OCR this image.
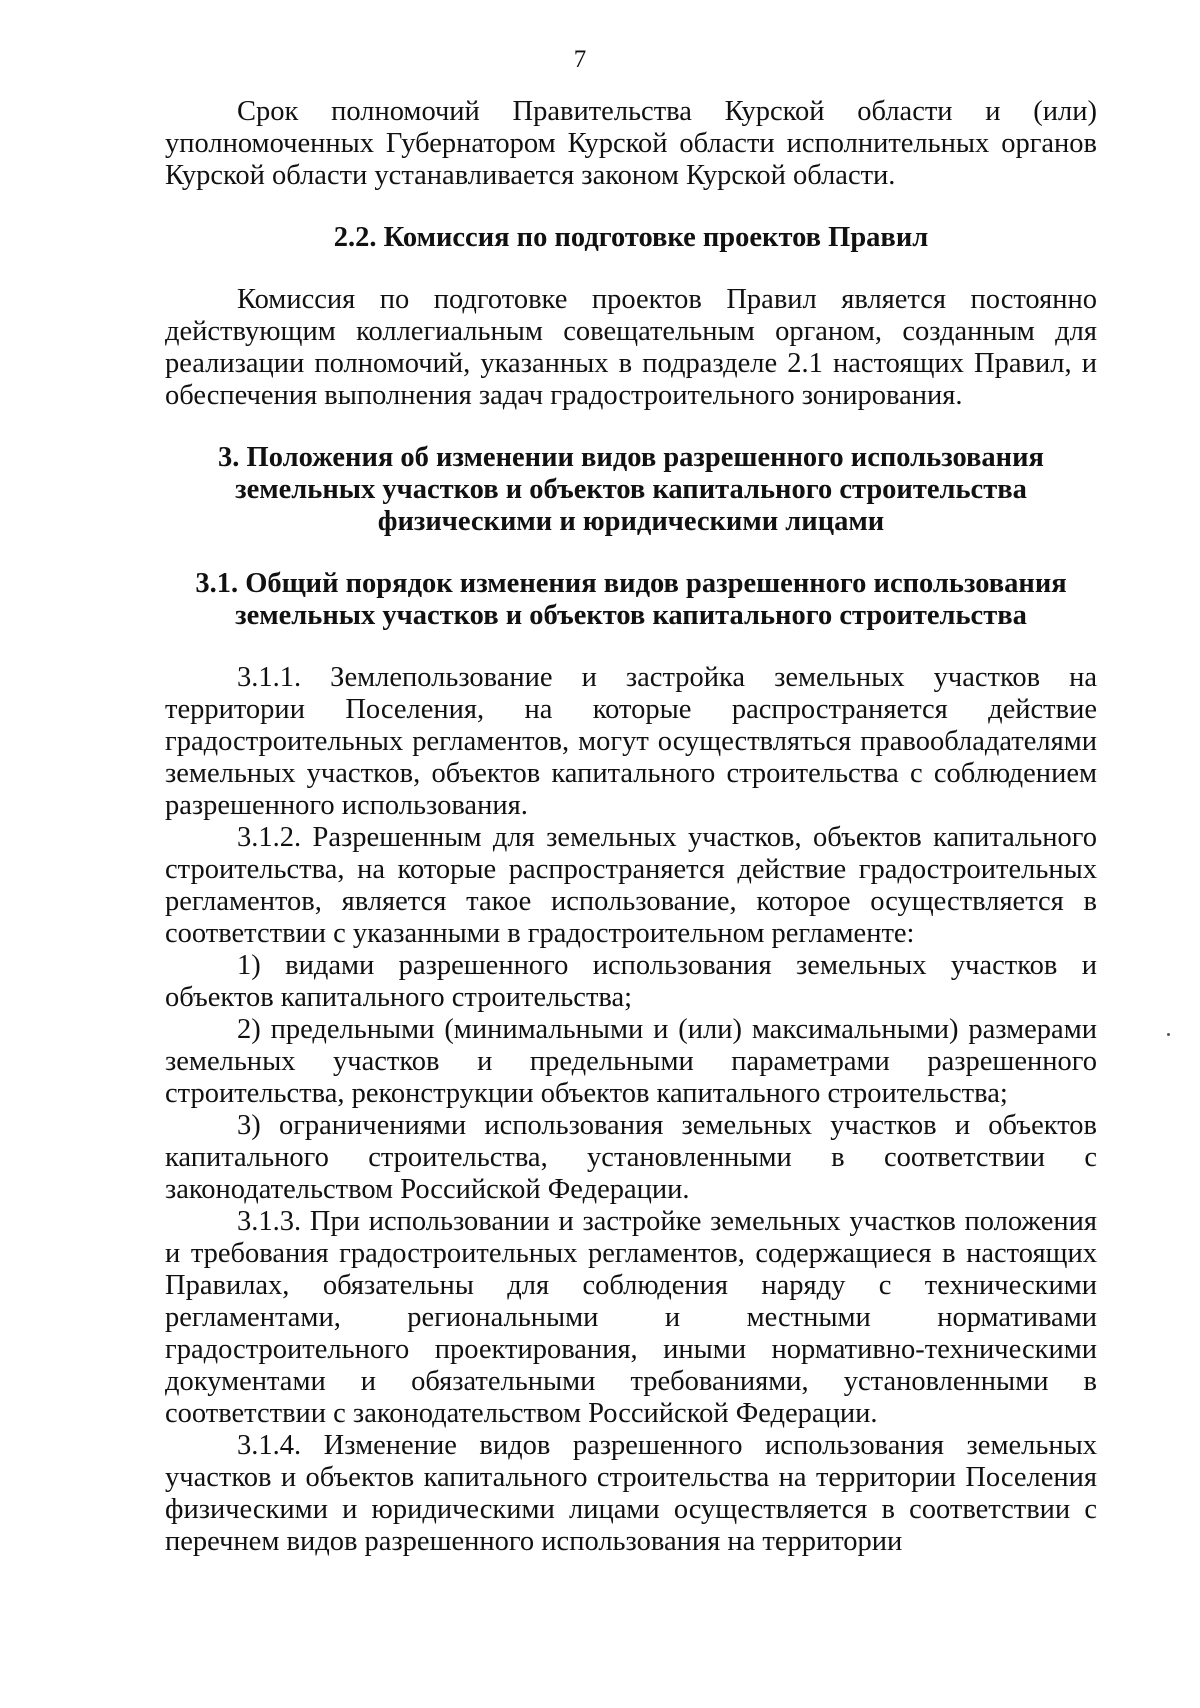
7

Срок полномочий Правительства Курской области и (или) уполномоченных Губернатором Курской области исполнительных органов Курской области устанавливается законом Курской области.

2.2. Комиссия по подготовке проектов Правил

Комиссия по подготовке проектов Правил является постоянно действующим коллегиальным совещательным органом, созданным для реализации полномочий, указанных в подразделе 2.1 настоящих Правил, и обеспечения выполнения задач градостроительного зонирования.

3. Положения об изменении видов разрешенного использования

земельных участков и объектов капитального строительства

физическими и юридическими лицами

3.1. Общий порядок изменения видов разрешенного использования

земельных участков и объектов капитального строительства

3.1.1. Землепользование и застройка земельных участков на территории Поселения, на которые распространяется действие градостроительных регламентов, могут осуществляться правообладателями земельных участков, объектов капитального строительства с соблюдением разрешенного использования.

3.1.2. Разрешенным для земельных участков, объектов капитального строительства, на которые распространяется действие градостроительных регламентов, является такое использование, которое осуществляется в соответствии с указанными в градостроительном регламенте:

1) видами разрешенного использования земельных участков и объектов капитального строительства;

2) предельными (минимальными и (или) максимальными) размерами земельных участков и предельными параметрами разрешенного строительства, реконструкции объектов капитального строительства;

3) ограничениями использования земельных участков и объектов капитального строительства, установленными в соответствии с законодательством Российской Федерации.

3.1.3. При использовании и застройке земельных участков положения и требования градостроительных регламентов, содержащиеся в настоящих Правилах, обязательны для соблюдения наряду с техническими регламентами, региональными и местными нормативами градостроительного проектирования, иными нормативно-техническими документами и обязательными требованиями, установленными в соответствии с законодательством Российской Федерации.

3.1.4. Изменение видов разрешенного использования земельных участков и объектов капитального строительства на территории Поселения физическими и юридическими лицами осуществляется в соответствии с перечнем видов разрешенного использования на территории
